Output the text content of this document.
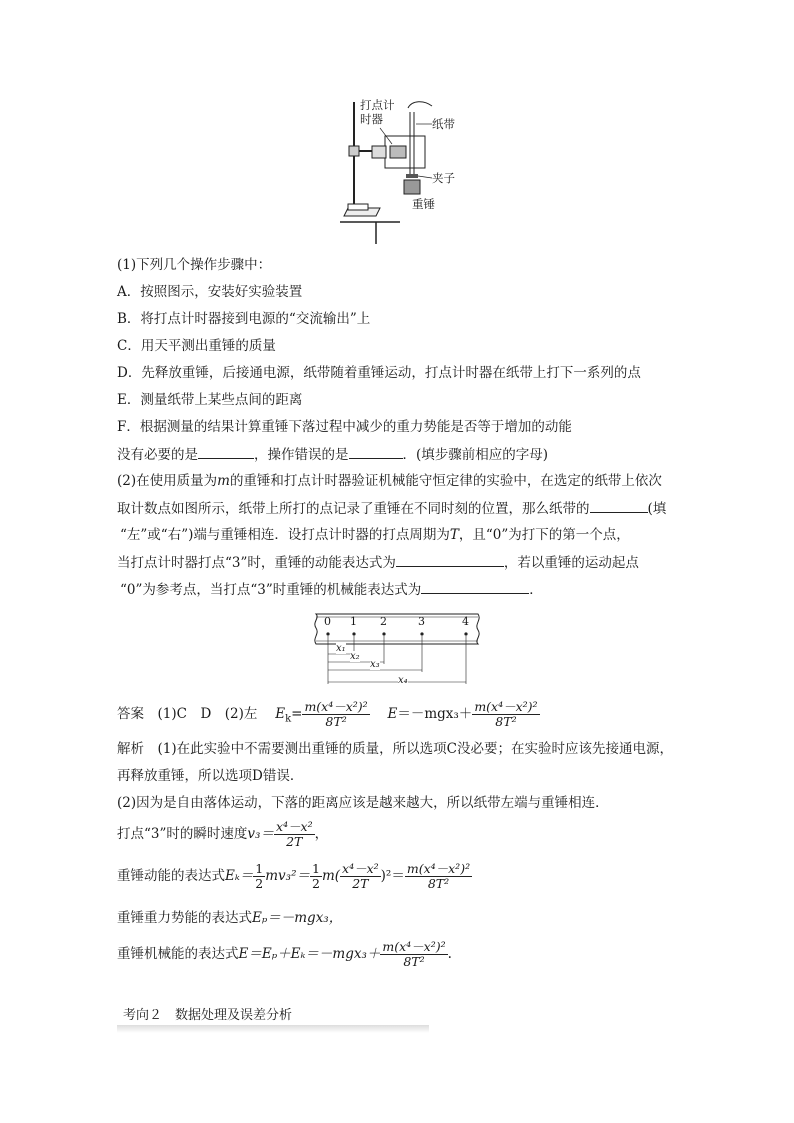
打点计
时器	纸带
夹子
重锤
(1)下列几个操作步骤中：
A．按照图示，安装好实验装置
B．将打点计时器接到电源的“交流输出”上
C．用天平测出重锤的质量
D．先释放重锤，后接通电源，纸带随着重锤运动，打点计时器在纸带上打下一系列的点
E．测量纸带上某些点间的距离
F．根据测量的结果计算重锤下落过程中减少的重力势能是否等于增加的动能
没有必要的是	，操作错误的是	．(填步骤前相应的字母)
(2)在使用质量为m的重锤和打点计时器验证机械能守恒定律的实验中，在选定的纸带上依次
取计数点如图所示，纸带上所打的点记录了重锤在不同时刻的位置，那么纸带的	(填
“左”或“右”)端与重锤相连．设打点计时器的打点周期为T，且“0”为打下的第一个点，
当打点计时器打点“3”时，重锤的动能表达式为	，若以重锤的运动起点
“0”为参考点，当打点“3”时重锤的机械能表达式为	．
0 1 2	3	4
x₁
x₂
x₃
x₄
答案　 (1)C　D　(2)左　 $E_k= \frac{\text{m(x⁴－x²)²}}{\text{8T²}}$
　 $E=-mgx_3+ \frac{\text{m(x⁴－x²)²}}{\text{8T²}}$
解析　 (1)在此实验中不需要测出重锤的质量，所以选项C没必要；在实验时应该先接通电源，
再释放重锤，所以选项D错误．
(2)因为是自由落体运动，下落的距离应该是越来越大，所以纸带左端与重锤相连．
打点“3”时的瞬时速度$v_3= \frac{\text{x⁴－x²}}{2T}$ ，
重锤动能的表达式$E_k= \frac{1}{2} mv_3^2= \frac{1}{2} m( \frac{\text{x⁴－x²}}{2T} )^2= \frac{\text{m(x⁴－x²)²}}{\text{8T²}}$
重锤重力势能的表达式Eₚ＝－mgx₃，
重锤机械能的表达式$E=E_p+E_k=-mgx_3+ \frac{\text{m(x⁴－x²)²}}{\text{8T²}}$ .
考向２　数据处理及误差分析
